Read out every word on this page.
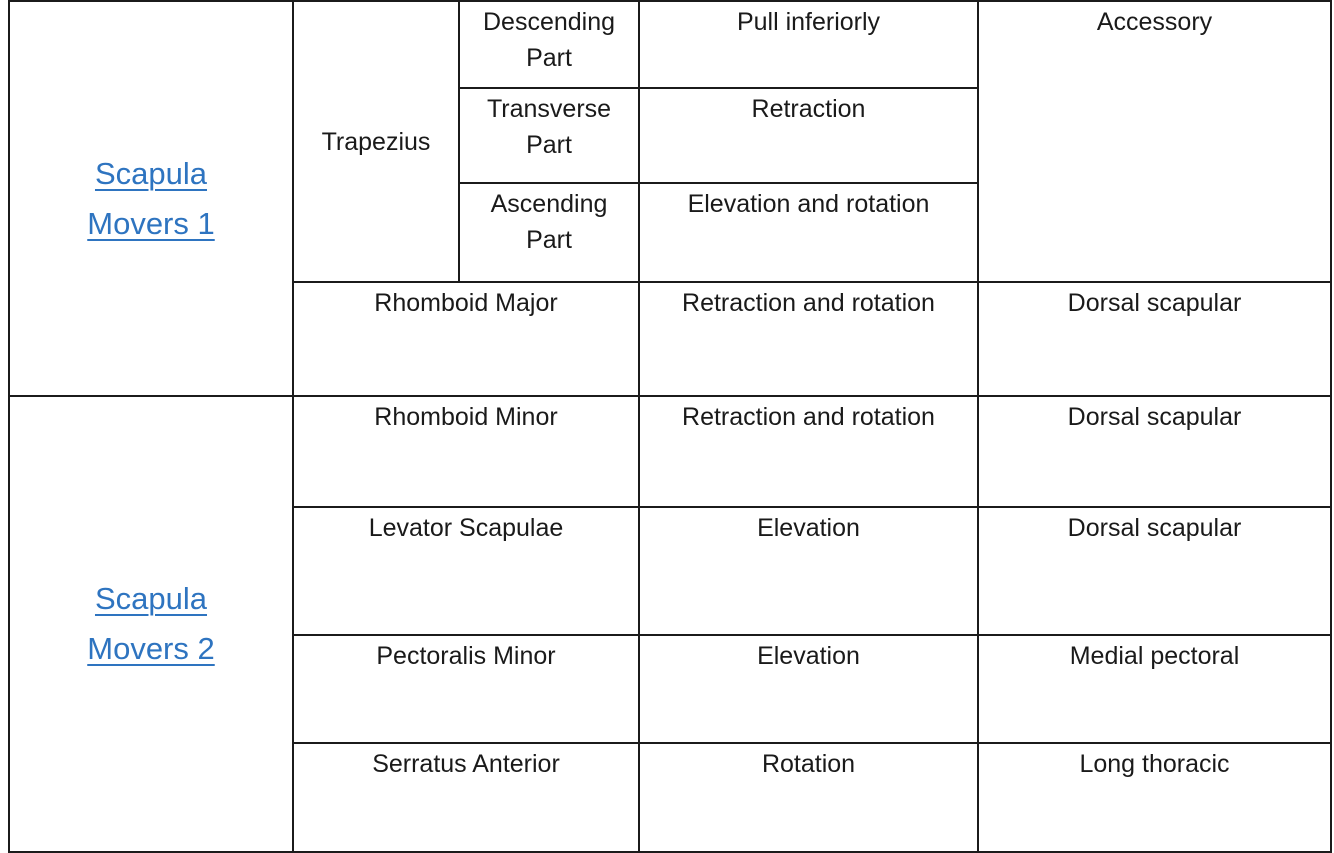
Scapula Movers 1	Trapezius	Descending Part	Pull inferiorly	Accessory
		Transverse Part	Retraction	
		Ascending Part	Elevation and rotation	
	Rhomboid Major		Retraction and rotation	Dorsal scapular
Scapula Movers 2	Rhomboid Minor		Retraction and rotation	Dorsal scapular
	Levator Scapulae		Elevation	Dorsal scapular
	Pectoralis Minor		Elevation	Medial pectoral
	Serratus Anterior		Rotation	Long thoracic
